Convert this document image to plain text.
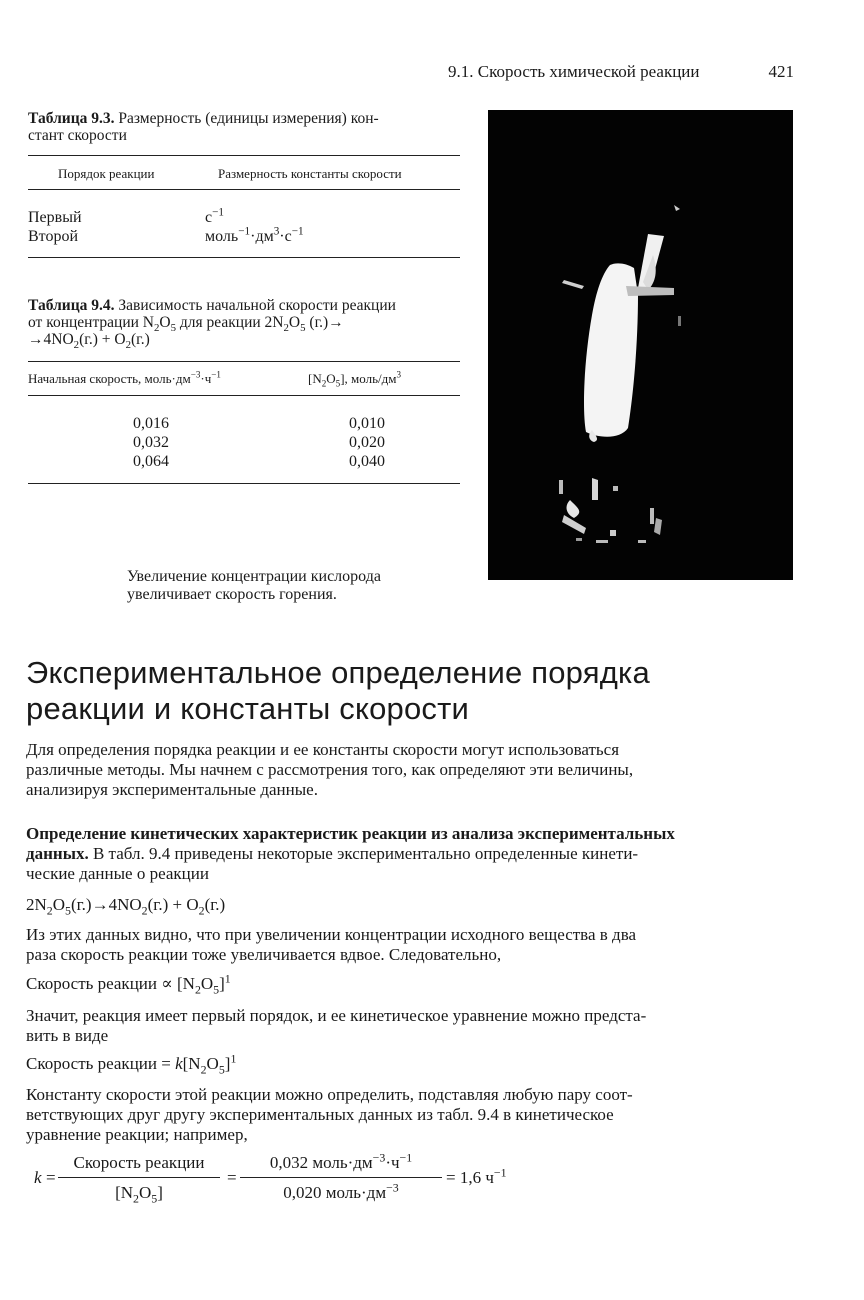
9.1. Скорость химической реакции	421
Таблица 9.3. Размерность (единицы измерения) кон-
стант скорости
Порядок реакции	Размерность константы скорости
Первый	$с^{-1}$
Второй	$моль^{-1}\cdot дм^3\cdot с^{-1}$
Таблица 9.4. Зависимость начальной скорости реакции
от концентрации $N_2O_5$ для реакции $2N_2O_5$ (г.)→
$\to 4NO_2(г.) + O_2(г.)$
Начальная скорость, $моль\cdot дм^{-3}\cdot ч^{-1}$	$[N_2O_5]$, моль/$дм^3$
0,016	0,010
0,032	0,020
0,064	0,040
Увеличение концентрации кислорода
увеличивает скорость горения.
Экспериментальное определение порядка
реакции и константы скорости
Для определения порядка реакции и ее константы скорости могут использоваться
различные методы. Мы начнем с рассмотрения того, как определяют эти величины,
анализируя экспериментальные данные.
Определение кинетических характеристик реакции из анализа экспериментальных
данных. В табл. 9.4 приведены некоторые экспериментально определенные кинети-
ческие данные о реакции
$2N_2O_5(г.)\to 4NO_2(г.) + O_2(г.)$
Из этих данных видно, что при увеличении концентрации исходного вещества в два
раза скорость реакции тоже увеличивается вдвое. Следовательно,
Скорость реакции ∝ $[N_2O_5]^1$
Значит, реакция имеет первый порядок, и ее кинетическое уравнение можно предста-
вить в виде
Скорость реакции = $k[N_2O_5]^1$
Константу скорости этой реакции можно определить, подставляя любую пару соот-
ветствующих друг другу экспериментальных данных из табл. 9.4 в кинетическое
уравнение реакции; например,
k =
Скорость реакции
$[N_2O_5]$
=
0,032 $моль\cdot дм^{-3}\cdot ч^{-1}$
0,020 $моль\cdot дм^{-3}$
= 1,6 $ч^{-1}$
